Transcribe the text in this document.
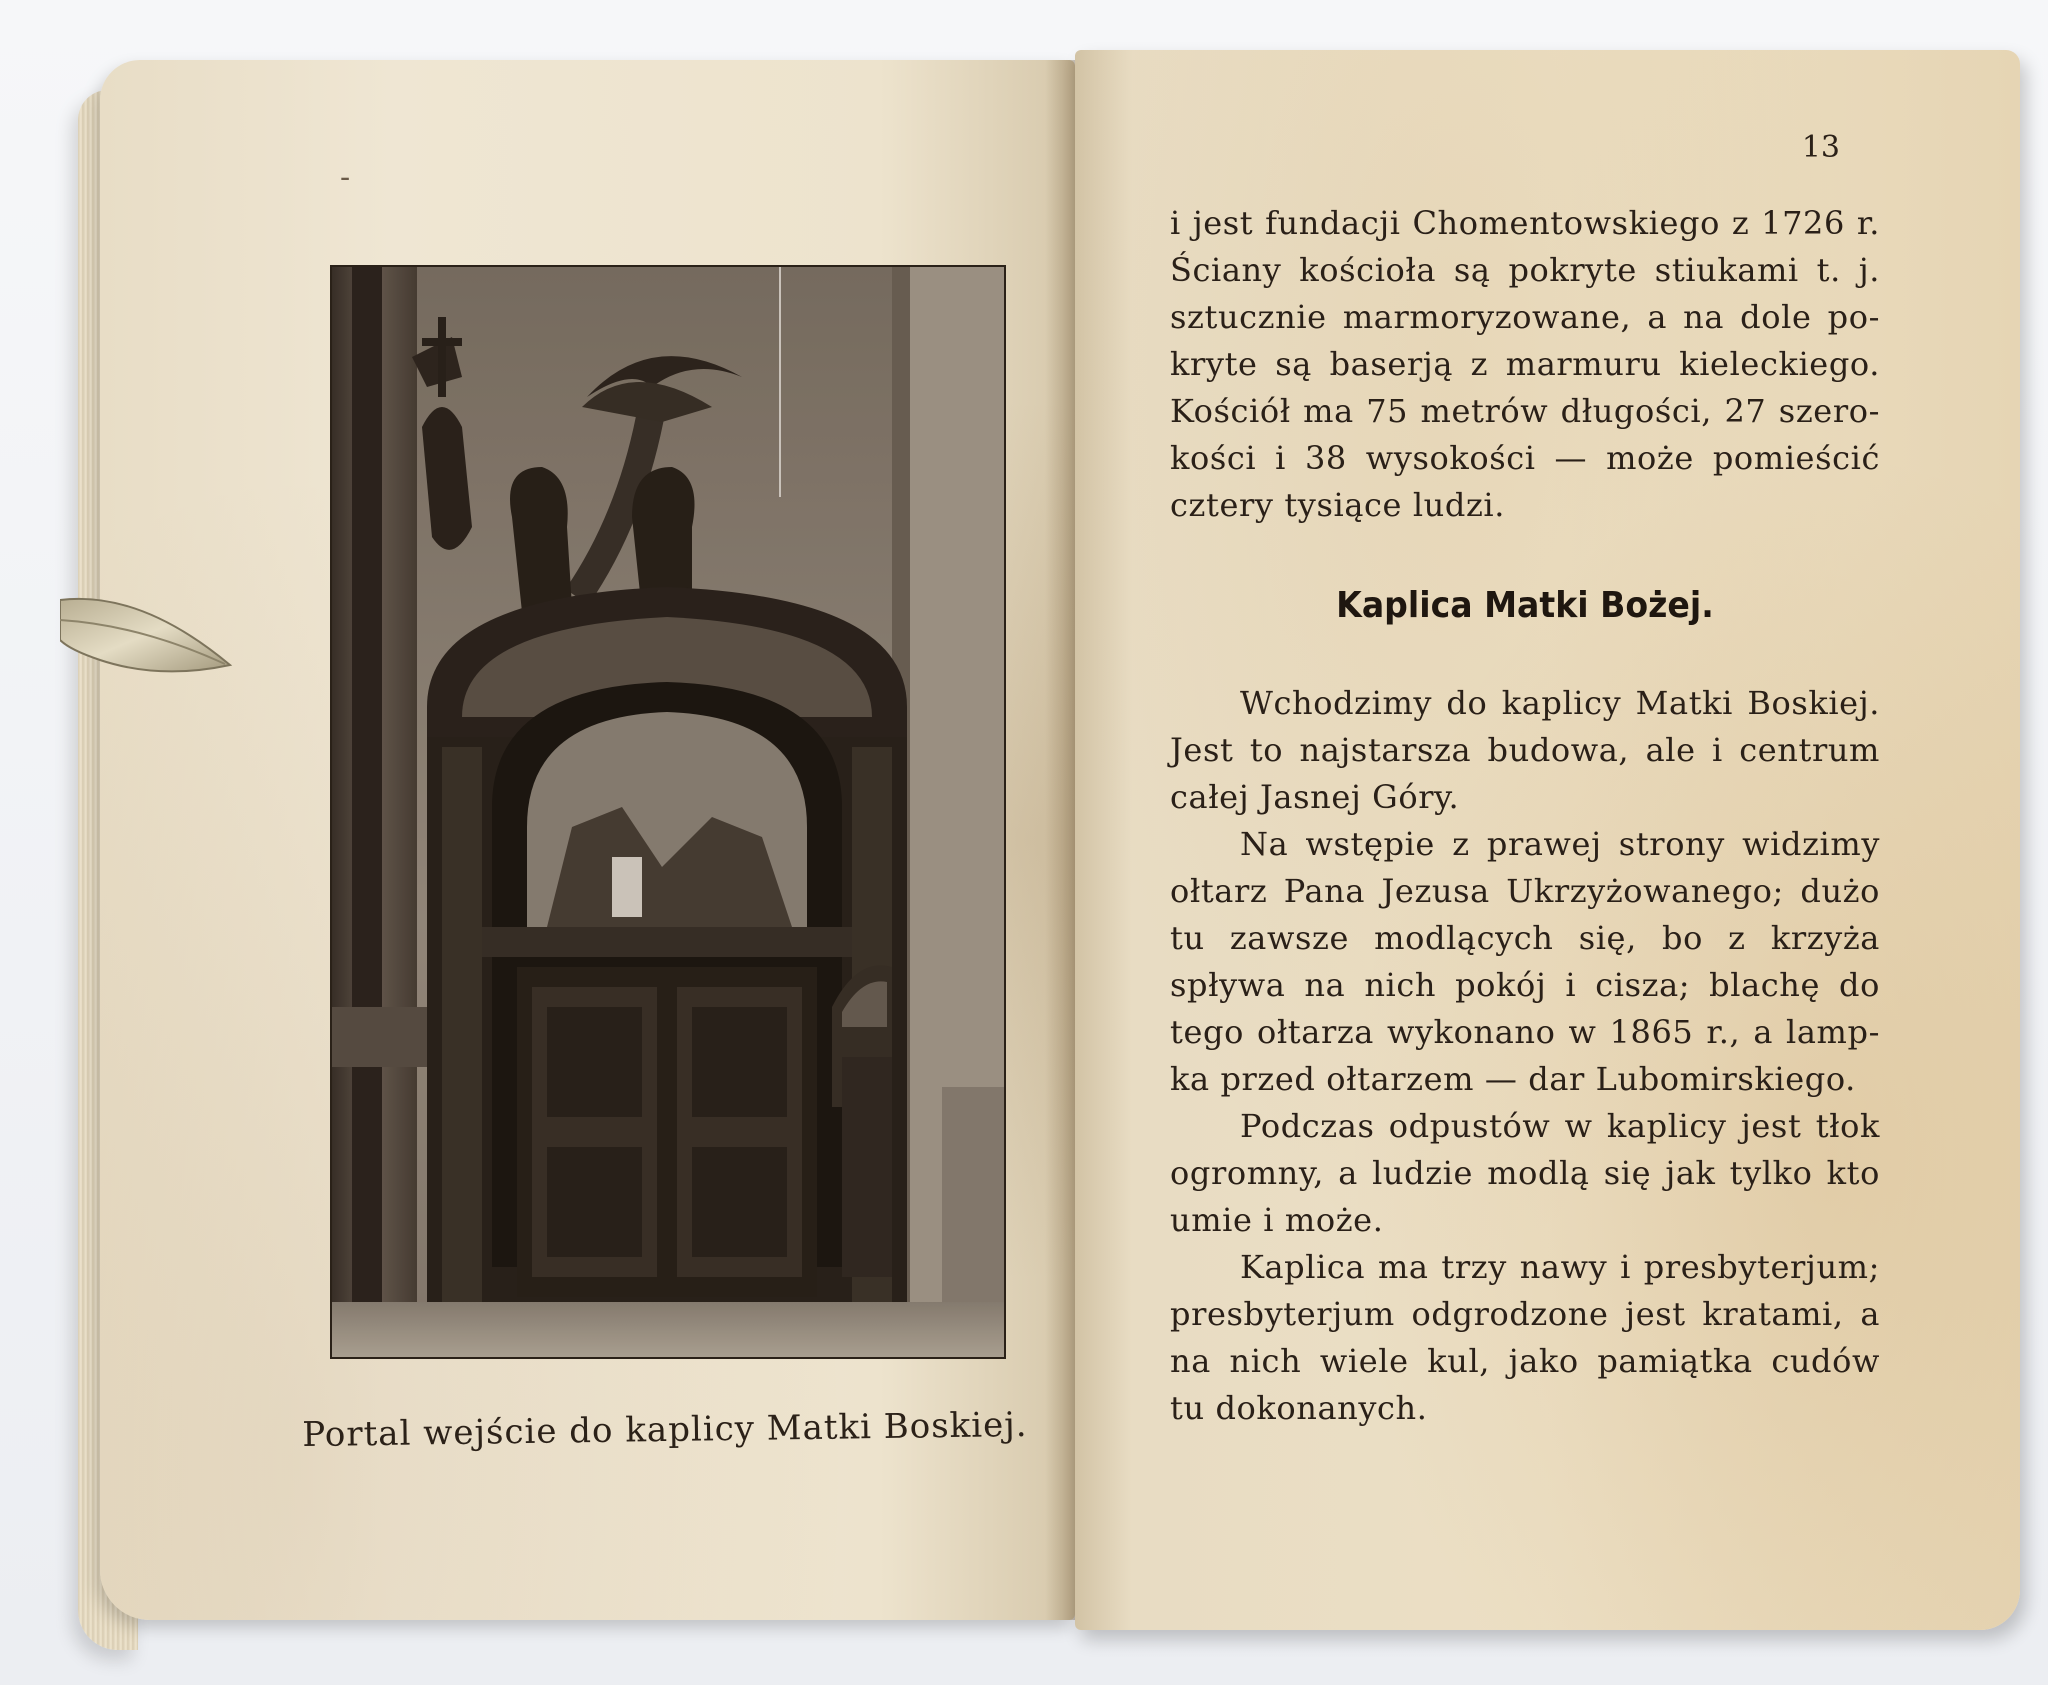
-
Portal wejście do kaplicy Matki Boskiej.
13
i jest fundacji Chomentowskiego z 1726 r.
Ściany kościoła są pokryte stiukami t. j.
sztucznie marmoryzowane, a na dole po-
kryte są baserją z marmuru kieleckiego.
Kościół ma 75 metrów długości, 27 szero-
kości i 38 wysokości — może pomieścić
cztery tysiące ludzi.
Kaplica Matki Bożej.
Wchodzimy do kaplicy Matki Boskiej.
Jest to najstarsza budowa, ale i centrum
całej Jasnej Góry.
Na wstępie z prawej strony widzimy
ołtarz Pana Jezusa Ukrzyżowanego; dużo
tu zawsze modlących się, bo z krzyża
spływa na nich pokój i cisza; blachę do
tego ołtarza wykonano w 1865 r., a lamp-
ka przed ołtarzem — dar Lubomirskiego.
Podczas odpustów w kaplicy jest tłok
ogromny, a ludzie modlą się jak tylko kto
umie i może.
Kaplica ma trzy nawy i presbyterjum;
presbyterjum odgrodzone jest kratami, a
na nich wiele kul, jako pamiątka cudów
tu dokonanych.
